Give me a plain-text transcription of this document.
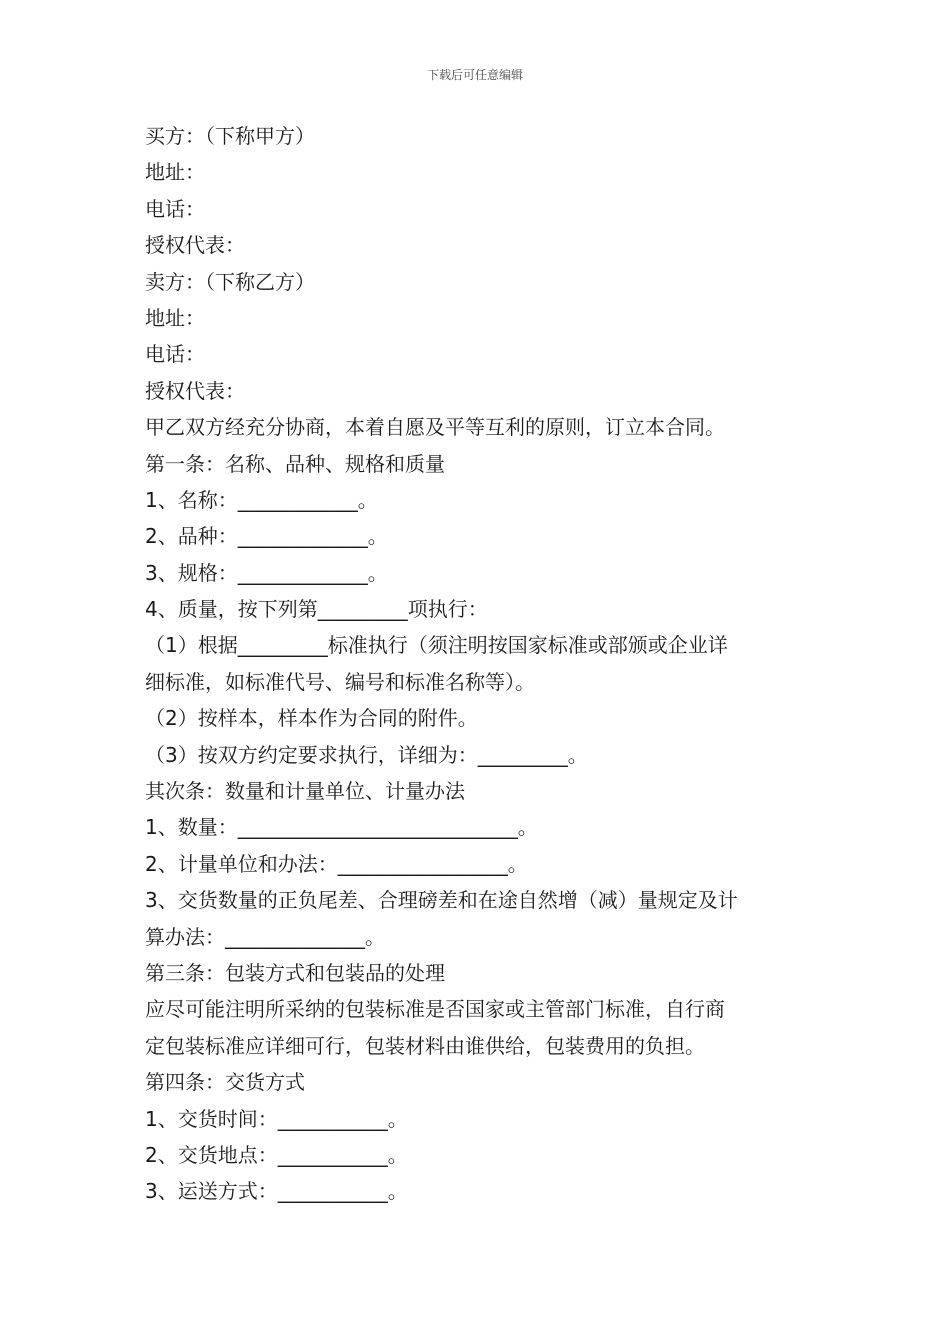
下载后可任意编辑
买方：（下称甲方）
地址：
电话：
授权代表：
卖方：（下称乙方）
地址：
电话：
授权代表：
甲乙双方经充分协商，本着自愿及平等互利的原则，订立本合同。
第一条：名称、品种、规格和质量
1、名称：____________。
2、品种：_____________。
3、规格：_____________。
4、质量，按下列第_________项执行：
（1）根据_________标准执行（须注明按国家标准或部颁或企业详
细标准，如标准代号、编号和标准名称等）。
（2）按样本，样本作为合同的附件。
（3）按双方约定要求执行，详细为：_________。
其次条：数量和计量单位、计量办法
1、数量：____________________________。
2、计量单位和办法：_________________。
3、交货数量的正负尾差、合理磅差和在途自然增（减）量规定及计
算办法：______________。
第三条：包装方式和包装品的处理
应尽可能注明所采纳的包装标准是否国家或主管部门标准，自行商
定包装标准应详细可行，包装材料由谁供给，包装费用的负担。
第四条：交货方式
1、交货时间：___________。
2、交货地点：___________。
3、运送方式：___________。
